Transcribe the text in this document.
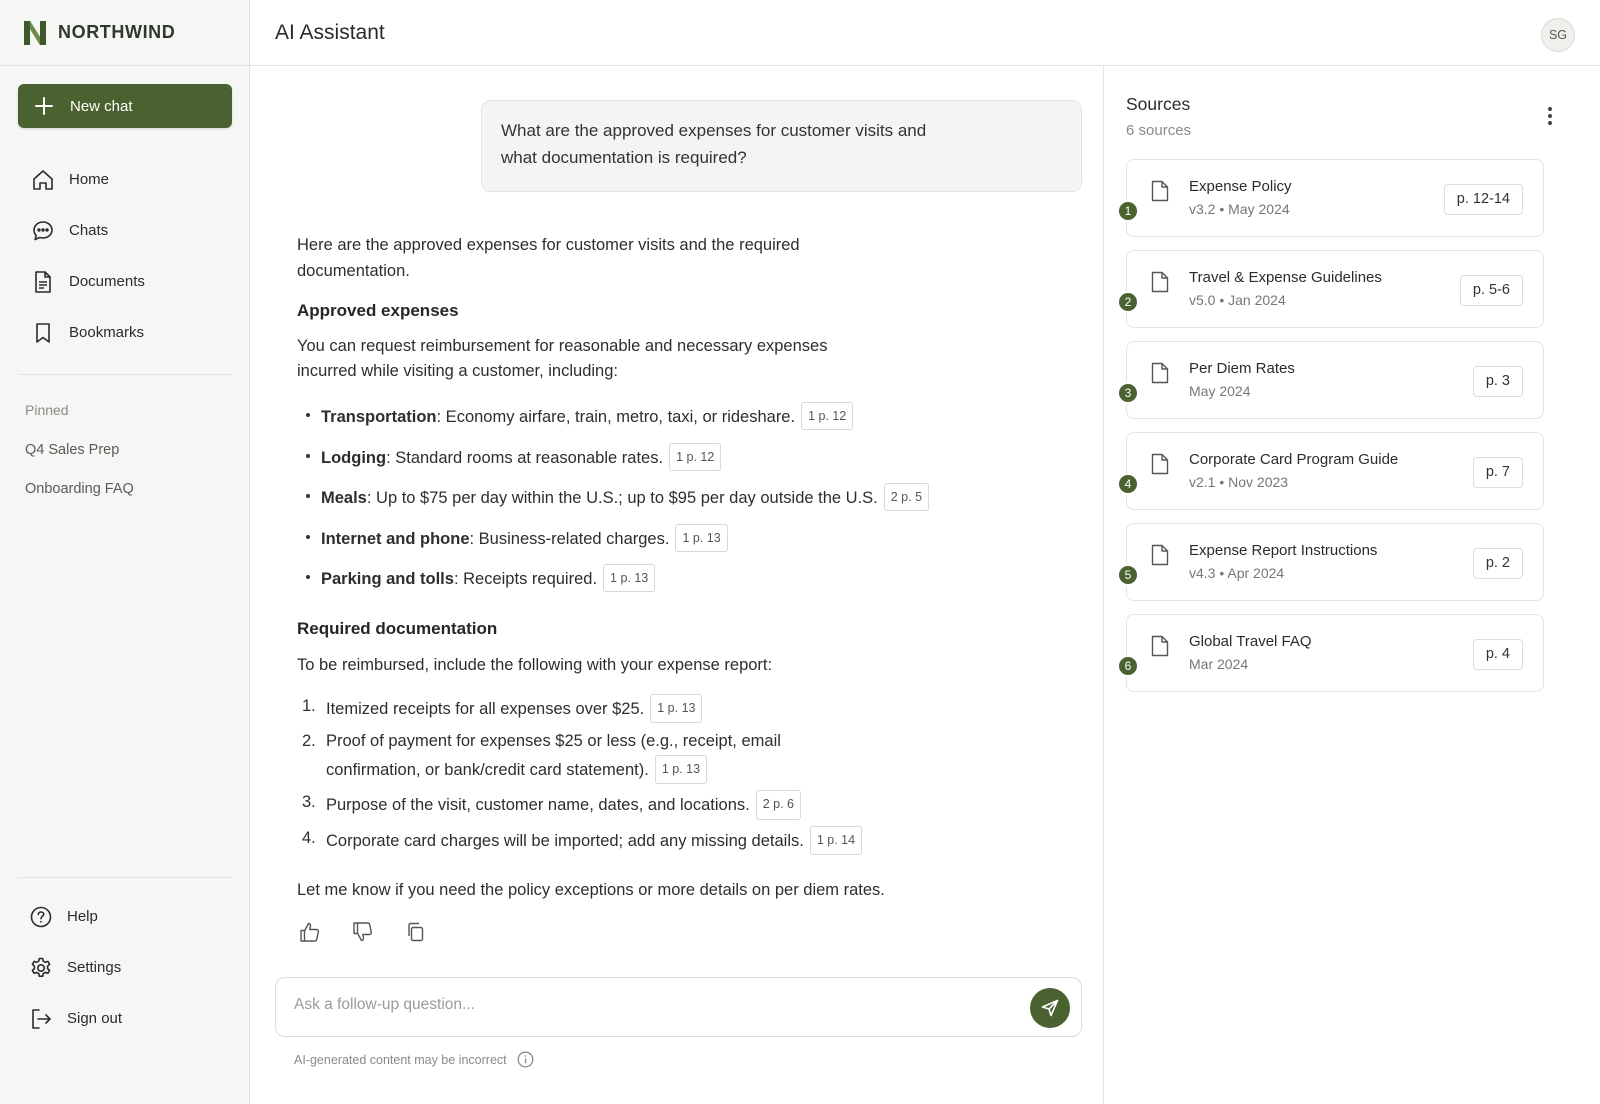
NORTHWIND
New chat
Home
Chats
Documents
Bookmarks
Pinned
Q4 Sales Prep
Onboarding FAQ
Help
Settings
Sign out
AI Assistant	SG
What are the approved expenses for customer visits and what documentation is required?

Here are the approved expenses for customer visits and the required documentation.

Approved expenses

You can request reimbursement for reasonable and necessary expenses incurred while visiting a customer, including:

Transportation: Economy airfare, train, metro, taxi, or rideshare. 1 p. 12
Lodging: Standard rooms at reasonable rates. 1 p. 12
Meals: Up to $75 per day within the U.S.; up to $95 per day outside the U.S. 2 p. 5
Internet and phone: Business-related charges. 1 p. 13
Parking and tolls: Receipts required. 1 p. 13
Required documentation

To be reimbursed, include the following with your expense report:

1. Itemized receipts for all expenses over $25. 1 p. 13
2. Proof of payment for expenses $25 or less (e.g., receipt, email confirmation, or bank/credit card statement). 1 p. 13
3. Purpose of the visit, customer name, dates, and locations. 2 p. 6
4. Corporate card charges will be imported; add any missing details. 1 p. 14

Let me know if you need the policy exceptions or more details on per diem rates.

Ask a follow-up question...
AI-generated content may be incorrect
Sources
6 sources
1
Expense Policy
v3.2 • May 2024
p. 12-14
2
Travel & Expense Guidelines
v5.0 • Jan 2024
p. 5-6
3
Per Diem Rates
May 2024
p. 3
4
Corporate Card Program Guide
v2.1 • Nov 2023
p. 7
5
Expense Report Instructions
v4.3 • Apr 2024
p. 2
6
Global Travel FAQ
Mar 2024
p. 4
